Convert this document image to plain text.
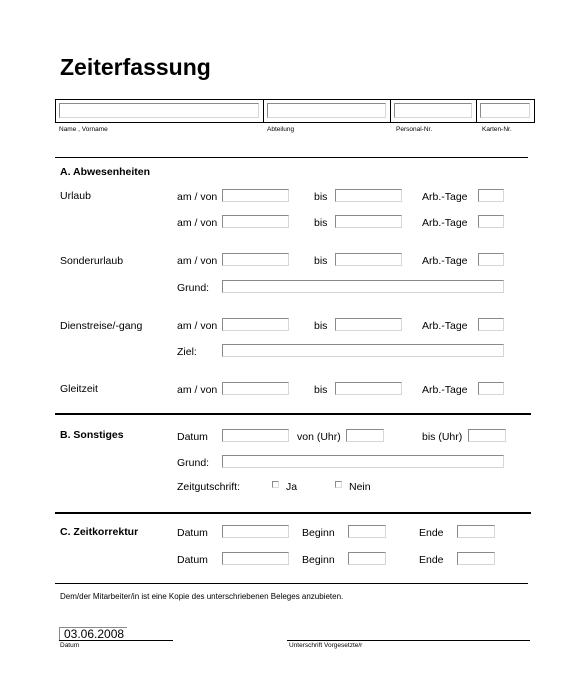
Zeiterfassung
Name , Vorname	Abteilung	Personal-Nr.	Karten-Nr.
A. Abwesenheiten
Urlaub	am / von	bis	Arb.-Tage
am / von	bis	Arb.-Tage
Sonderurlaub	am / von	bis	Arb.-Tage
Grund:
Dienstreise/-gang	am / von	bis	Arb.-Tage
Ziel:
Gleitzeit	am / von	bis	Arb.-Tage
B. Sonstiges	Datum	von (Uhr)	bis (Uhr)
Grund:
Zeitgutschrift:	Ja	Nein
C. Zeitkorrektur	Datum	Beginn	Ende
Datum	Beginn	Ende
Dem/der Mitarbeiter/in ist eine Kopie des unterschriebenen Beleges anzubieten.
03.06.2008
Datum	Unterschrift Vorgesetzte/r
